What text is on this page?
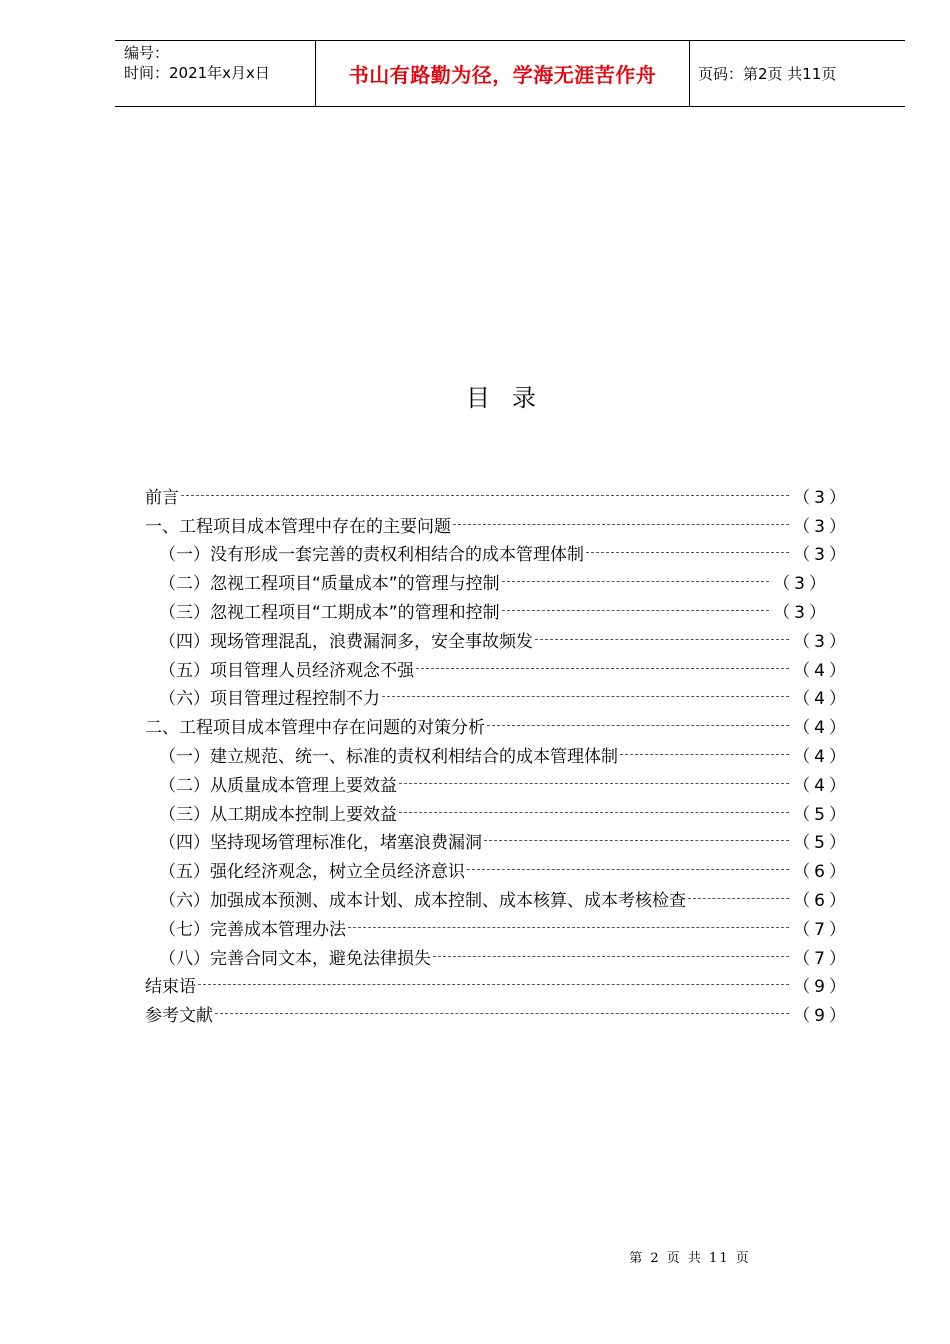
编号：
时间：2021年x月x日	书山有路勤为径，学海无涯苦作舟	页码：第2页 共11页
目录
前言	（3）
一、工程项目成本管理中存在的主要问题	（3）
（一）没有形成一套完善的责权利相结合的成本管理体制	（3）
（二）忽视工程项目“质量成本”的管理与控制	（3）
（三）忽视工程项目“工期成本”的管理和控制	（3）
（四）现场管理混乱，浪费漏洞多，安全事故频发	（3）
（五）项目管理人员经济观念不强	（4）
（六）项目管理过程控制不力	（4）
二、工程项目成本管理中存在问题的对策分析	（4）
（一）建立规范、统一、标准的责权利相结合的成本管理体制	（4）
（二）从质量成本管理上要效益	（4）
（三）从工期成本控制上要效益	（5）
（四）坚持现场管理标准化，堵塞浪费漏洞	（5）
（五）强化经济观念，树立全员经济意识	（6）
（六）加强成本预测、成本计划、成本控制、成本核算、成本考核检查	（6）
（七）完善成本管理办法	（7）
（八）完善合同文本，避免法律损失	（7）
结束语	（9）
参考文献	（9）
第 2 页 共 11 页
